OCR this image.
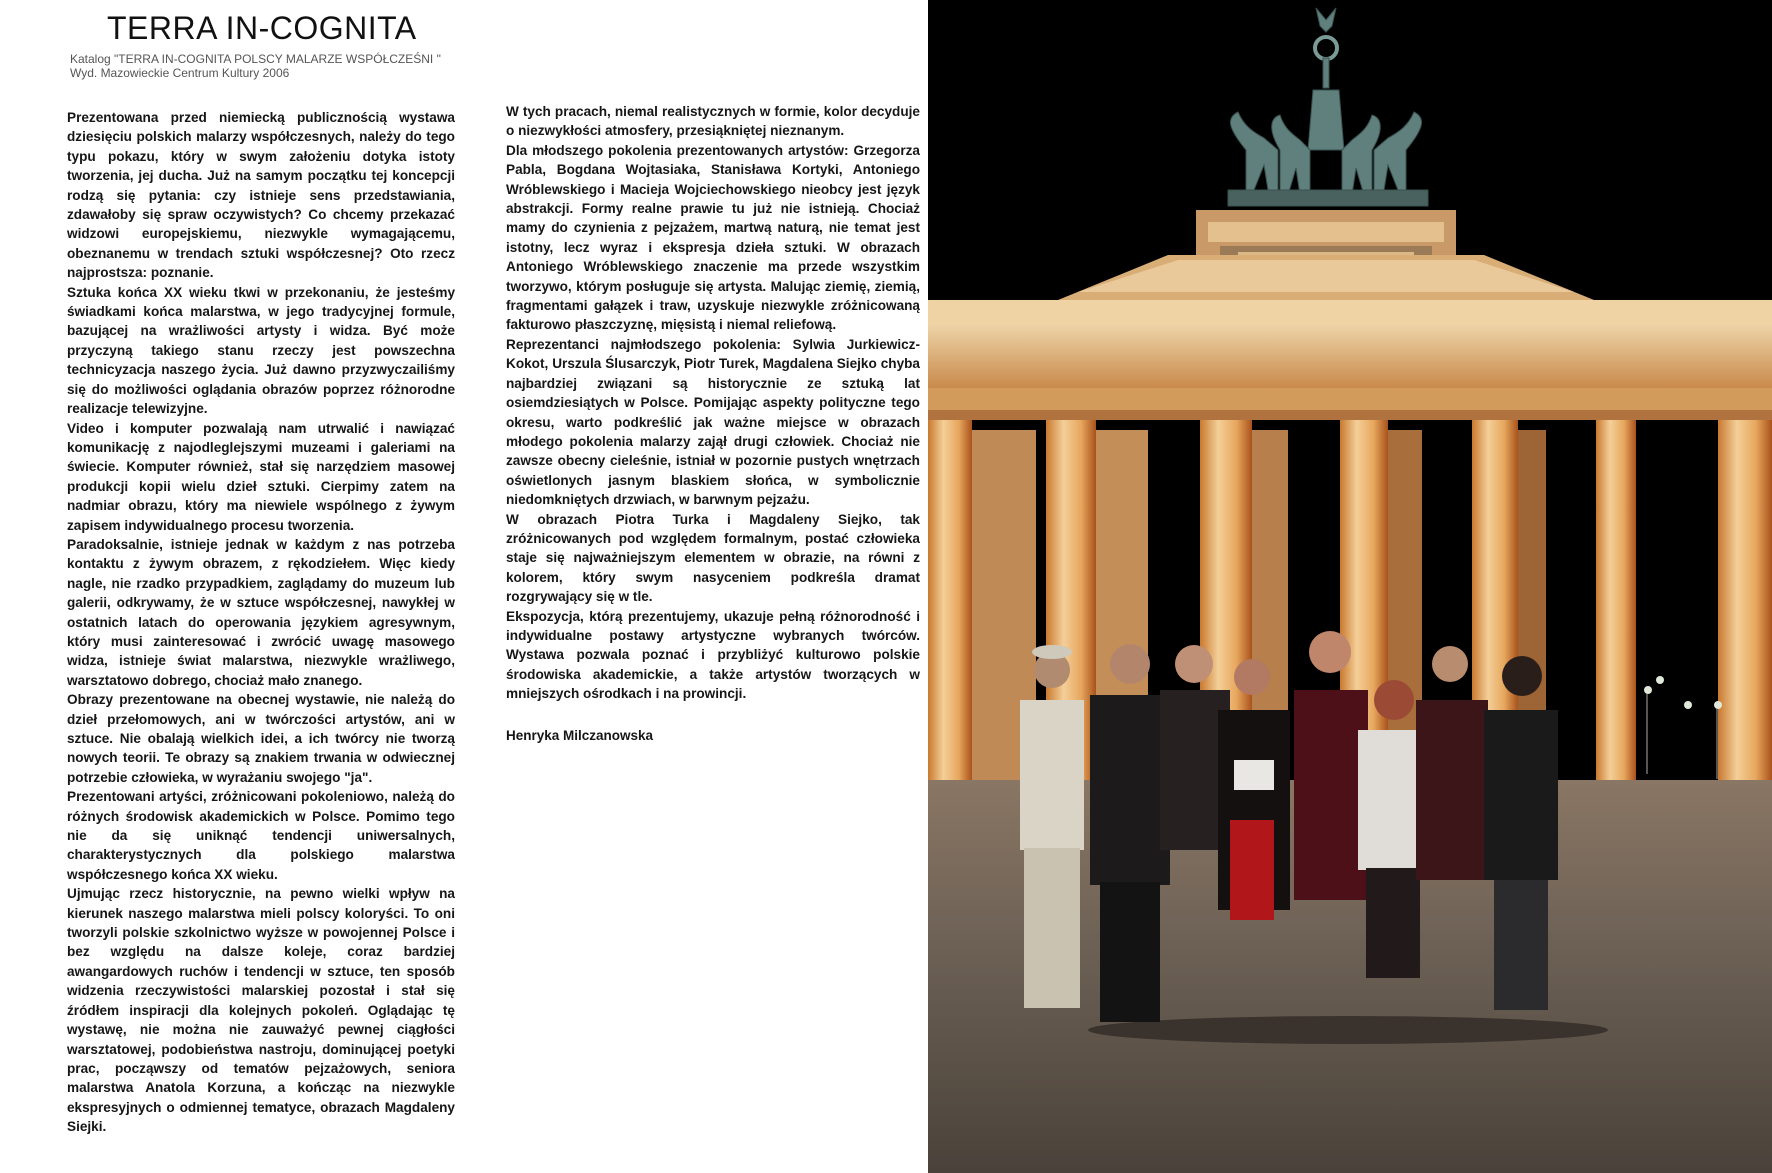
TERRA IN-COGNITA
Katalog "TERRA IN-COGNITA POLSCY MALARZE WSPÓŁCZEŚNI "
Wyd. Mazowieckie Centrum Kultury 2006

Prezentowana przed niemiecką publicznością wystawa dziesięciu polskich malarzy współczesnych, należy do tego typu pokazu, który w swym założeniu dotyka istoty tworzenia, jej ducha. Już na samym początku tej koncepcji rodzą się pytania: czy istnieje sens przedstawiania, zdawałoby się spraw oczywistych? Co chcemy przekazać widzowi europejskiemu, niezwykle wymagającemu, obeznanemu w trendach sztuki współczesnej? Oto rzecz najprostsza: poznanie.

Sztuka końca XX wieku tkwi w przekonaniu, że jesteśmy świadkami końca malarstwa, w jego tradycyjnej formule, bazującej na wrażliwości artysty i widza. Być może przyczyną takiego stanu rzeczy jest powszechna technicyzacja naszego życia. Już dawno przyzwyczailiśmy się do możliwości oglądania obrazów poprzez różnorodne realizacje telewizyjne.

Video i komputer pozwalają nam utrwalić i nawiązać komunikację z najodleglejszymi muzeami i galeriami na świecie. Komputer również, stał się narzędziem masowej produkcji kopii wielu dzieł sztuki. Cierpimy zatem na nadmiar obrazu, który ma niewiele wspólnego z żywym zapisem indywidualnego procesu tworzenia.

Paradoksalnie, istnieje jednak w każdym z nas potrzeba kontaktu z żywym obrazem, z rękodziełem. Więc kiedy nagle, nie rzadko przypadkiem, zaglądamy do muzeum lub galerii, odkrywamy, że w sztuce współczesnej, nawykłej w ostatnich latach do operowania językiem agresywnym, który musi zainteresować i zwrócić uwagę masowego widza, istnieje świat malarstwa, niezwykle wrażliwego, warsztatowo dobrego, chociaż mało znanego.

Obrazy prezentowane na obecnej wystawie, nie należą do dzieł przełomowych, ani w twórczości artystów, ani w sztuce. Nie obalają wielkich idei, a ich twórcy nie tworzą nowych teorii. Te obrazy są znakiem trwania w odwiecznej potrzebie człowieka, w wyrażaniu swojego "ja".

Prezentowani artyści, zróżnicowani pokoleniowo, należą do różnych środowisk akademickich w Polsce. Pomimo tego nie da się uniknąć tendencji uniwersalnych, charakterystycznych dla polskiego malarstwa współczesnego końca XX wieku.

Ujmując rzecz historycznie, na pewno wielki wpływ na kierunek naszego malarstwa mieli polscy koloryści. To oni tworzyli polskie szkolnictwo wyższe w powojennej Polsce i bez względu na dalsze koleje, coraz bardziej awangardowych ruchów i tendencji w sztuce, ten sposób widzenia rzeczywistości malarskiej pozostał i stał się źródłem inspiracji dla kolejnych pokoleń. Oglądając tę wystawę, nie można nie zauważyć pewnej ciągłości warsztatowej, podobieństwa nastroju, dominującej poetyki prac, począwszy od tematów pejzażowych, seniora malarstwa Anatola Korzuna, a kończąc na niezwykle ekspresyjnych o odmiennej tematyce, obrazach Magdaleny Siejki.

W tych pracach, niemal realistycznych w formie, kolor decyduje o niezwykłości atmosfery, przesiąkniętej nieznanym.

Dla młodszego pokolenia prezentowanych artystów: Grzegorza Pabla, Bogdana Wojtasiaka, Stanisława Kortyki, Antoniego Wróblewskiego i Macieja Wojciechowskiego nieobcy jest język abstrakcji. Formy realne prawie tu już nie istnieją. Chociaż mamy do czynienia z pejzażem, martwą naturą, nie temat jest istotny, lecz wyraz i ekspresja dzieła sztuki. W obrazach Antoniego Wróblewskiego znaczenie ma przede wszystkim tworzywo, którym posługuje się artysta. Malując ziemię, ziemią, fragmentami gałązek i traw, uzyskuje niezwykle zróżnicowaną fakturowo płaszczyznę, mięsistą i niemal reliefową.

Reprezentanci najmłodszego pokolenia: Sylwia Jurkiewicz-Kokot, Urszula Ślusarczyk, Piotr Turek, Magdalena Siejko chyba najbardziej związani są historycznie ze sztuką lat osiemdziesiątych w Polsce. Pomijając aspekty polityczne tego okresu, warto podkreślić jak ważne miejsce w obrazach młodego pokolenia malarzy zajął drugi człowiek. Chociaż nie zawsze obecny cieleśnie, istniał w pozornie pustych wnętrzach oświetlonych jasnym blaskiem słońca, w symbolicznie niedomkniętych drzwiach, w barwnym pejzażu.

W obrazach Piotra Turka i Magdaleny Siejko, tak zróżnicowanych pod względem formalnym, postać człowieka staje się najważniejszym elementem w obrazie, na równi z kolorem, który swym nasyceniem podkreśla dramat rozgrywający się w tle.

Ekspozycja, którą prezentujemy, ukazuje pełną różnorodność i indywidualne postawy artystyczne wybranych twórców. Wystawa pozwala poznać i przybliżyć kulturowo polskie środowiska akademickie, a także artystów tworzących w mniejszych ośrodkach i na prowincji.

Henryka Milczanowska
